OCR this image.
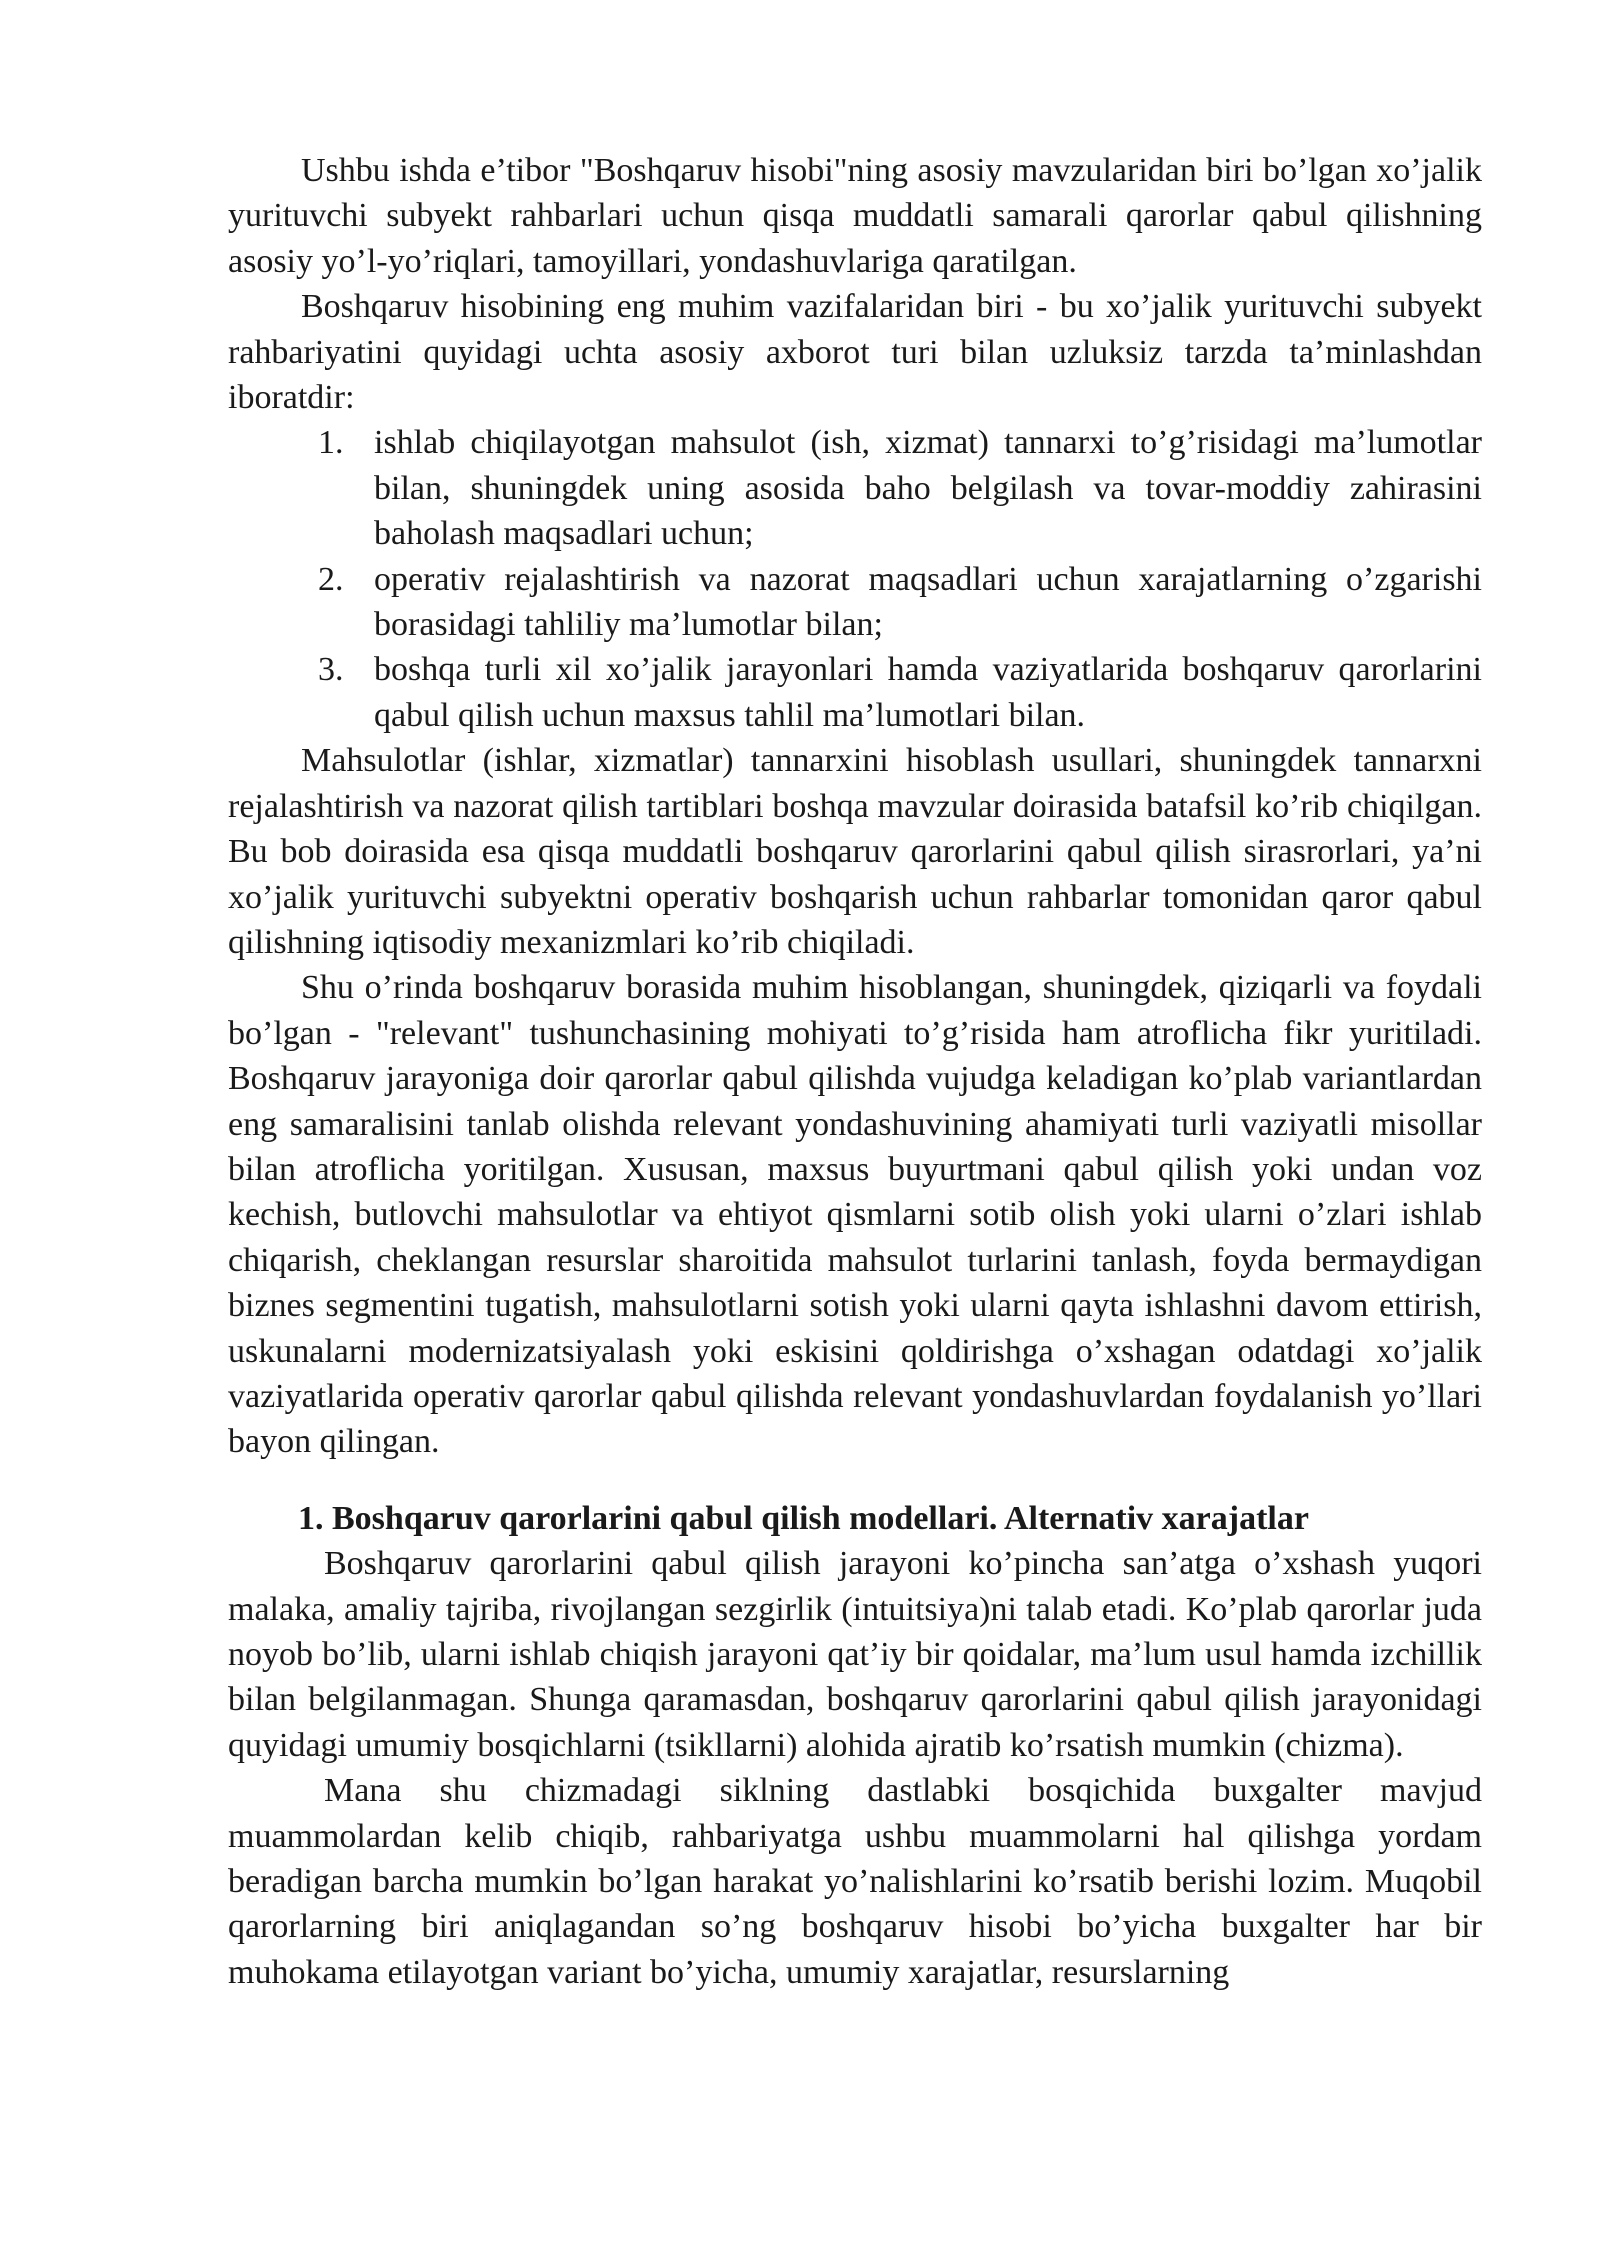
Ushbu ishda e’tibor "Boshqaruv hisobi"ning asosiy mavzularidan biri bo’lgan xo’jalik yurituvchi subyekt rahbarlari uchun qisqa muddatli samarali qarorlar qabul qilishning asosiy yo’l-yo’riqlari, tamoyillari, yondashuvlariga qaratilgan.

Boshqaruv hisobining eng muhim vazifalaridan biri - bu xo’jalik yurituvchi subyekt rahbariyatini quyidagi uchta asosiy axborot turi bilan uzluksiz tarzda ta’minlashdan iboratdir:

1. ishlab chiqilayotgan mahsulot (ish, xizmat) tannarxi to’g’risidagi ma’lumotlar bilan, shuningdek uning asosida baho belgilash va tovar-moddiy zahirasini baholash maqsadlari uchun;
2. operativ rejalashtirish va nazorat maqsadlari uchun xarajatlarning o’zgarishi borasidagi tahliliy ma’lumotlar bilan;
3. boshqa turli xil xo’jalik jarayonlari hamda vaziyatlarida boshqaruv qarorlarini qabul qilish uchun maxsus tahlil ma’lumotlari bilan.

Mahsulotlar (ishlar, xizmatlar) tannarxini hisoblash usullari, shuningdek tannarxni rejalashtirish va nazorat qilish tartiblari boshqa mavzular doirasida batafsil ko’rib chiqilgan. Bu bob doirasida esa qisqa muddatli boshqaruv qarorlarini qabul qilish sirasrorlari, ya’ni xo’jalik yurituvchi subyektni operativ boshqarish uchun rahbarlar tomonidan qaror qabul qilishning iqtisodiy mexanizmlari ko’rib chiqiladi.

Shu o’rinda boshqaruv borasida muhim hisoblangan, shuningdek, qiziqarli va foydali bo’lgan - "relevant" tushunchasining mohiyati to’g’risida ham atroflicha fikr yuritiladi. Boshqaruv jarayoniga doir qarorlar qabul qilishda vujudga keladigan ko’plab variantlardan eng samaralisini tanlab olishda relevant yondashuvining ahamiyati turli vaziyatli misollar bilan atroflicha yoritilgan. Xususan, maxsus buyurtmani qabul qilish yoki undan voz kechish, butlovchi mahsulotlar va ehtiyot qismlarni sotib olish yoki ularni o’zlari ishlab chiqarish, cheklangan resurslar sharoitida mahsulot turlarini tanlash, foyda bermaydigan biznes segmentini tugatish, mahsulotlarni sotish yoki ularni qayta ishlashni davom ettirish, uskunalarni modernizatsiyalash yoki eskisini qoldirishga o’xshagan odatdagi xo’jalik vaziyatlarida operativ qarorlar qabul qilishda relevant yondashuvlardan foydalanish yo’llari bayon qilingan.

1. Boshqaruv qarorlarini qabul qilish modellari. Alternativ xarajatlar

Boshqaruv qarorlarini qabul qilish jarayoni ko’pincha san’atga o’xshash yuqori malaka, amaliy tajriba, rivojlangan sezgirlik (intuitsiya)ni talab etadi. Ko’plab qarorlar juda noyob bo’lib, ularni ishlab chiqish jarayoni qat’iy bir qoidalar, ma’lum usul hamda izchillik bilan belgilanmagan. Shunga qaramasdan, boshqaruv qarorlarini qabul qilish jarayonidagi quyidagi umumiy bosqichlarni (tsikllarni) alohida ajratib ko’rsatish mumkin (chizma).

Mana shu chizmadagi siklning dastlabki bosqichida buxgalter mavjud muammolardan kelib chiqib, rahbariyatga ushbu muammolarni hal qilishga yordam beradigan barcha mumkin bo’lgan harakat yo’nalishlarini ko’rsatib berishi lozim. Muqobil qarorlarning biri aniqlagandan so’ng boshqaruv hisobi bo’yicha buxgalter har bir muhokama etilayotgan variant bo’yicha, umumiy xarajatlar, resurslarning
